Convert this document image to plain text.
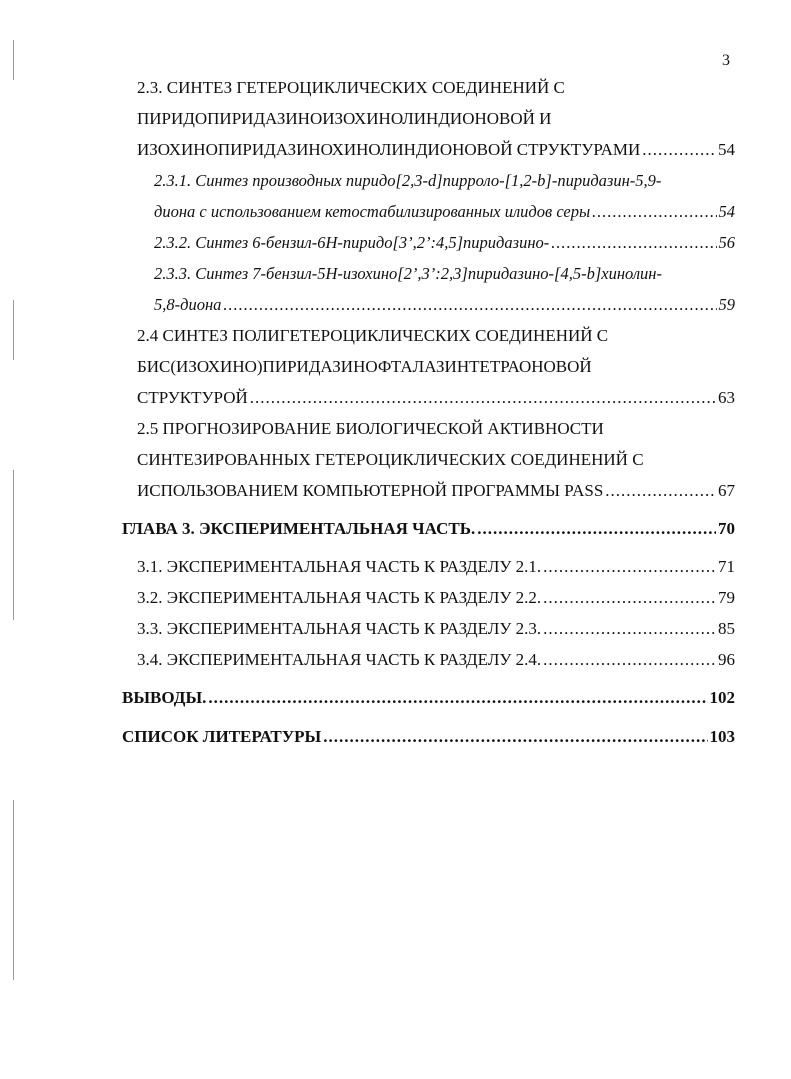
3
2.3. СИНТЕЗ ГЕТЕРОЦИКЛИЧЕСКИХ СОЕДИНЕНИЙ С
ПИРИДОПИРИДАЗИНОИЗОХИНОЛИНДИОНОВОЙ И
ИЗОХИНОПИРИДАЗИНОХИНОЛИНДИОНОВОЙ СТРУКТУРАМИ .....	54
2.3.1. Синтез производных пиридо[2,3-d]пирроло-[1,2-b]-пиридазин-5,9-
диона с использованием кетостабилизированных илидов серы .....	54
2.3.2. Синтез 6-бензил-6Н-пиридо[3’,2’:4,5]пиридазино- .....	56
2.3.3. Синтез 7-бензил-5Н-изохино[2’,3’:2,3]пиридазино-[4,5-b]хинолин-
5,8-диона .....	59
2.4 СИНТЕЗ ПОЛИГЕТЕРОЦИКЛИЧЕСКИХ СОЕДИНЕНИЙ С
БИС(ИЗОХИНО)ПИРИДАЗИНОФТАЛАЗИНТЕТРАОНОВОЙ
СТРУКТУРОЙ .....	63
2.5 ПРОГНОЗИРОВАНИЕ БИОЛОГИЧЕСКОЙ АКТИВНОСТИ
СИНТЕЗИРОВАННЫХ ГЕТЕРОЦИКЛИЧЕСКИХ СОЕДИНЕНИЙ С
ИСПОЛЬЗОВАНИЕМ КОМПЬЮТЕРНОЙ ПРОГРАММЫ PASS .....	67
ГЛАВА 3. ЭКСПЕРИМЕНТАЛЬНАЯ ЧАСТЬ. .....	70
3.1. ЭКСПЕРИМЕНТАЛЬНАЯ ЧАСТЬ К РАЗДЕЛУ 2.1. .....	71
3.2. ЭКСПЕРИМЕНТАЛЬНАЯ ЧАСТЬ К РАЗДЕЛУ 2.2. .....	79
3.3. ЭКСПЕРИМЕНТАЛЬНАЯ ЧАСТЬ К РАЗДЕЛУ 2.3. .....	85
3.4. ЭКСПЕРИМЕНТАЛЬНАЯ ЧАСТЬ К РАЗДЕЛУ 2.4. .....	96
ВЫВОДЫ. .....	102
СПИСОК ЛИТЕРАТУРЫ .....	103
